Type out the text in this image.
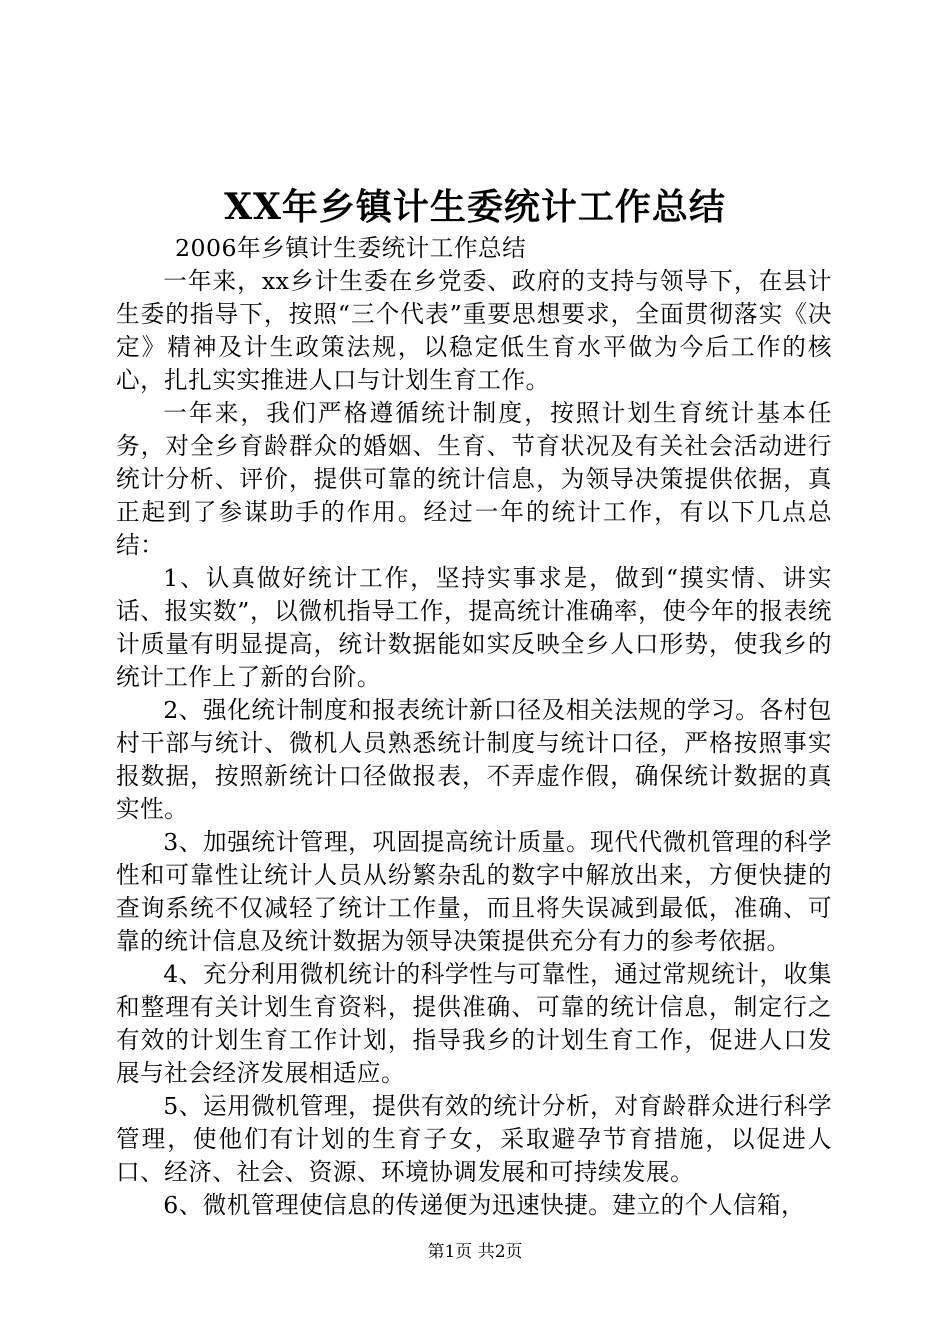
XX年乡镇计生委统计工作总结

2006年乡镇计生委统计工作总结

一年来，xx乡计生委在乡党委、政府的支持与领导下，在县计生委的指导下，按照“三个代表”重要思想要求，全面贯彻落实《决定》精神及计生政策法规，以稳定低生育水平做为今后工作的核心，扎扎实实推进人口与计划生育工作。

一年来，我们严格遵循统计制度，按照计划生育统计基本任务，对全乡育龄群众的婚姻、生育、节育状况及有关社会活动进行统计分析、评价，提供可靠的统计信息，为领导决策提供依据，真正起到了参谋助手的作用。经过一年的统计工作，有以下几点总结：

1、认真做好统计工作，坚持实事求是，做到“摸实情、讲实话、报实数”，以微机指导工作，提高统计准确率，使今年的报表统计质量有明显提高，统计数据能如实反映全乡人口形势，使我乡的统计工作上了新的台阶。

2、强化统计制度和报表统计新口径及相关法规的学习。各村包村干部与统计、微机人员熟悉统计制度与统计口径，严格按照事实报数据，按照新统计口径做报表，不弄虚作假，确保统计数据的真实性。

3、加强统计管理，巩固提高统计质量。现代代微机管理的科学性和可靠性让统计人员从纷繁杂乱的数字中解放出来，方便快捷的查询系统不仅减轻了统计工作量，而且将失误减到最低，准确、可靠的统计信息及统计数据为领导决策提供充分有力的参考依据。

4、充分利用微机统计的科学性与可靠性，通过常规统计，收集和整理有关计划生育资料，提供准确、可靠的统计信息，制定行之有效的计划生育工作计划，指导我乡的计划生育工作，促进人口发展与社会经济发展相适应。

5、运用微机管理，提供有效的统计分析，对育龄群众进行科学管理，使他们有计划的生育子女，采取避孕节育措施，以促进人口、经济、社会、资源、环境协调发展和可持续发展。

6、微机管理使信息的传递便为迅速快捷。建立的个人信箱，

第1页 共2页
